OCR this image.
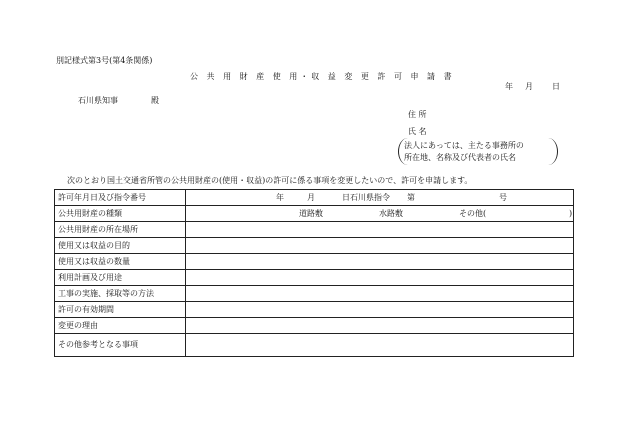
別記様式第3号(第4条関係)
公 共 用 財 産 使 用・収 益 変 更 許 可 申 請 書
年 月 日
石川県知事	殿
住 所
氏 名
法人にあっては、主たる事務所の
所在地、名称及び代表者の氏名
次のとおり国土交通省所管の公共用財産の(使用・収益)の許可に係る事項を変更したいので、許可を申請します。
許可年月日及び指令番号	年 月 日石川県指令 第 号

公共用財産の種類	道路敷 水路敷 その他( )

公共用財産の所在場所	
使用又は収益の目的	
使用又は収益の数量	
利用計画及び用途	
工事の実施、採取等の方法	
許可の有効期間	
変更の理由	
その他参考となる事項	
